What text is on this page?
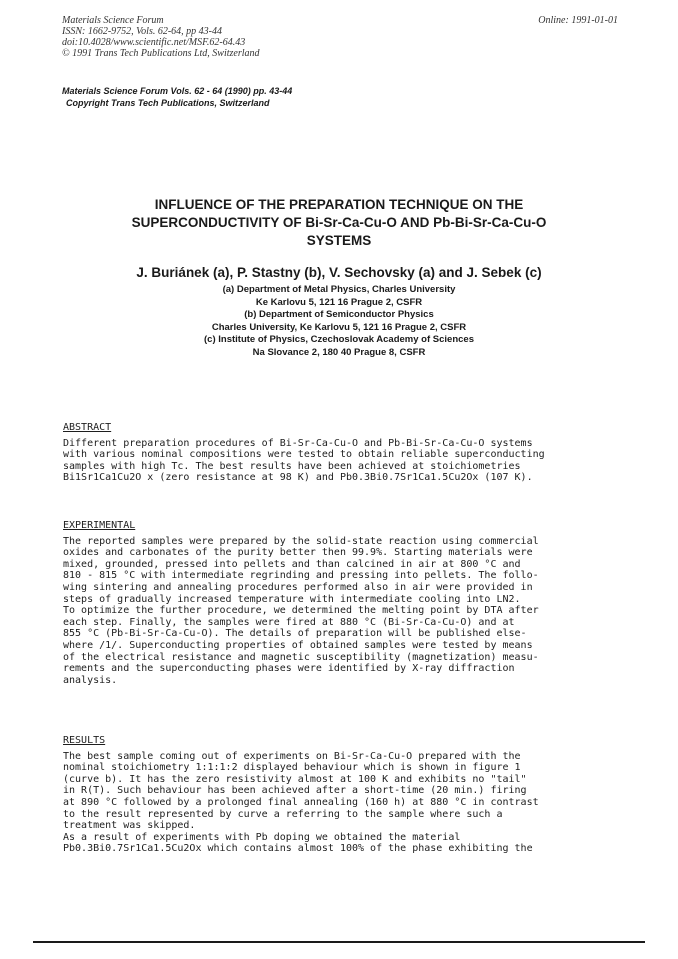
Materials Science Forum
ISSN: 1662-9752, Vols. 62-64, pp 43-44
doi:10.4028/www.scientific.net/MSF.62-64.43
© 1991 Trans Tech Publications Ltd, Switzerland
Online: 1991-01-01
Materials Science Forum Vols. 62 - 64 (1990) pp. 43-44
Copyright Trans Tech Publications, Switzerland
INFLUENCE OF THE PREPARATION TECHNIQUE ON THE
SUPERCONDUCTIVITY OF Bi-Sr-Ca-Cu-O AND Pb-Bi-Sr-Ca-Cu-O
SYSTEMS
J. Buriánek (a), P. Stastny (b), V. Sechovsky (a) and J. Sebek (c)
(a) Department of Metal Physics, Charles University
Ke Karlovu 5, 121 16 Prague 2, CSFR
(b) Department of Semiconductor Physics
Charles University, Ke Karlovu 5, 121 16 Prague 2, CSFR
(c) Institute of Physics, Czechoslovak Academy of Sciences
Na Slovance 2, 180 40 Prague 8, CSFR
ABSTRACT
Different preparation procedures of Bi-Sr-Ca-Cu-O and Pb-Bi-Sr-Ca-Cu-O systems
with various nominal compositions were tested to obtain reliable superconducting
samples with high Tc. The best results have been achieved at stoichiometries
Bi1Sr1Ca1Cu2O x (zero resistance at 98 K) and Pb0.3Bi0.7Sr1Ca1.5Cu2Ox (107 K).
EXPERIMENTAL
The reported samples were prepared by the solid-state reaction using commercial
oxides and carbonates of the purity better then 99.9%. Starting materials were
mixed, grounded, pressed into pellets and than calcined in air at 800 °C and
810 - 815 °C with intermediate regrinding and pressing into pellets. The follo-
wing sintering and annealing procedures performed also in air were provided in
steps of gradually increased temperature with intermediate cooling into LN2.
To optimize the further procedure, we determined the melting point by DTA after
each step. Finally, the samples were fired at 880 °C (Bi-Sr-Ca-Cu-O) and at
855 °C (Pb-Bi-Sr-Ca-Cu-O). The details of preparation will be published else-
where /1/. Superconducting properties of obtained samples were tested by means
of the electrical resistance and magnetic susceptibility (magnetization) measu-
rements and the superconducting phases were identified by X-ray diffraction
analysis.
RESULTS
The best sample coming out of experiments on Bi-Sr-Ca-Cu-O prepared with the
nominal stoichiometry 1:1:1:2 displayed behaviour which is shown in figure 1
(curve b). It has the zero resistivity almost at 100 K and exhibits no "tail"
in R(T). Such behaviour has been achieved after a short-time (20 min.) firing
at 890 °C followed by a prolonged final annealing (160 h) at 880 °C in contrast
to the result represented by curve a referring to the sample where such a
treatment was skipped.
As a result of experiments with Pb doping we obtained the material
Pb0.3Bi0.7Sr1Ca1.5Cu2Ox which contains almost 100% of the phase exhibiting the
